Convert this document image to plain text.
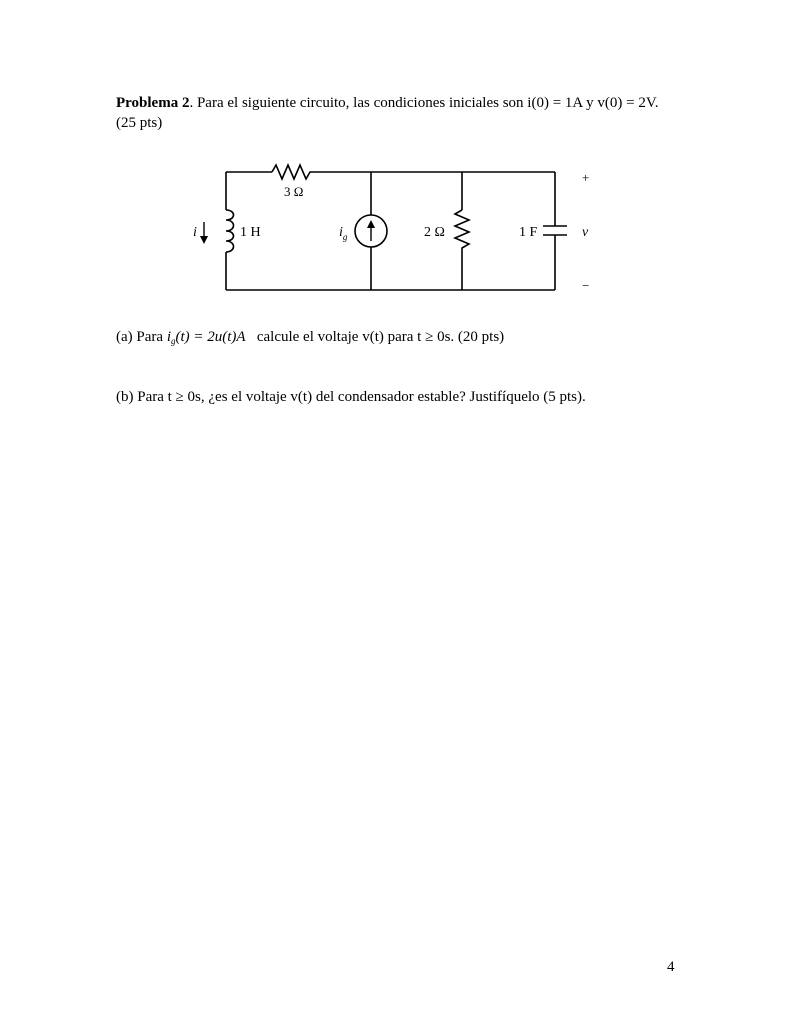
Problema 2. Para el siguiente circuito, las condiciones iniciales son i(0) = 1A y v(0) = 2V. (25 pts)
3 Ω
i	1 H	$i_g$	2 Ω	1 F	v
+
−
(a) Para $i_g(t) = 2u(t)A$ calcule el voltaje v(t) para t ≥ 0s. (20 pts)
(b) Para t ≥ 0s, ¿es el voltaje v(t) del condensador estable? Justifíquelo (5 pts).
4
